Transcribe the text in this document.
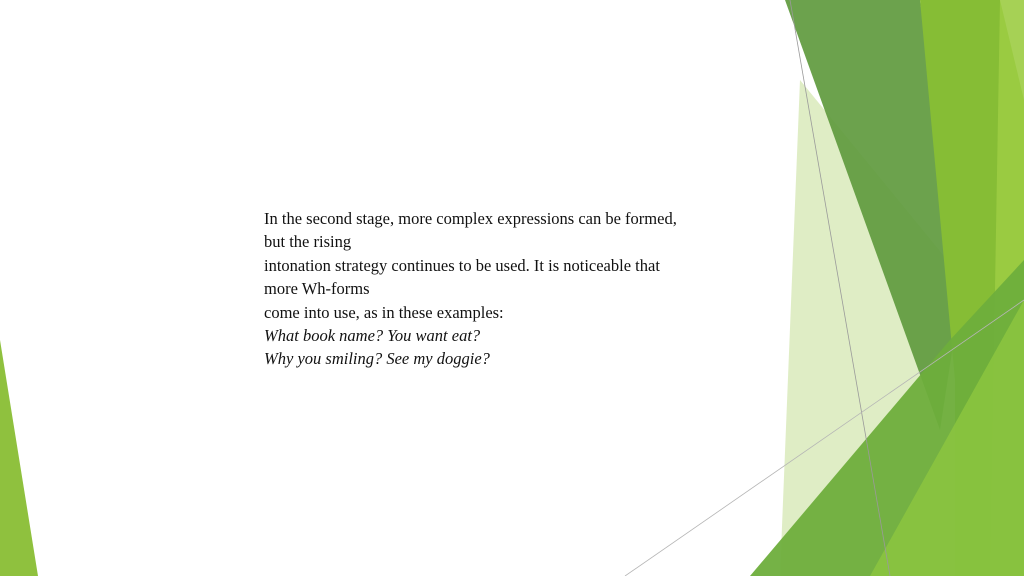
In the second stage, more complex expressions can be formed,
but the rising
intonation strategy continues to be used. It is noticeable that
more Wh-forms
come into use, as in these examples:
What book name? You want eat?
Why you smiling? See my doggie?
